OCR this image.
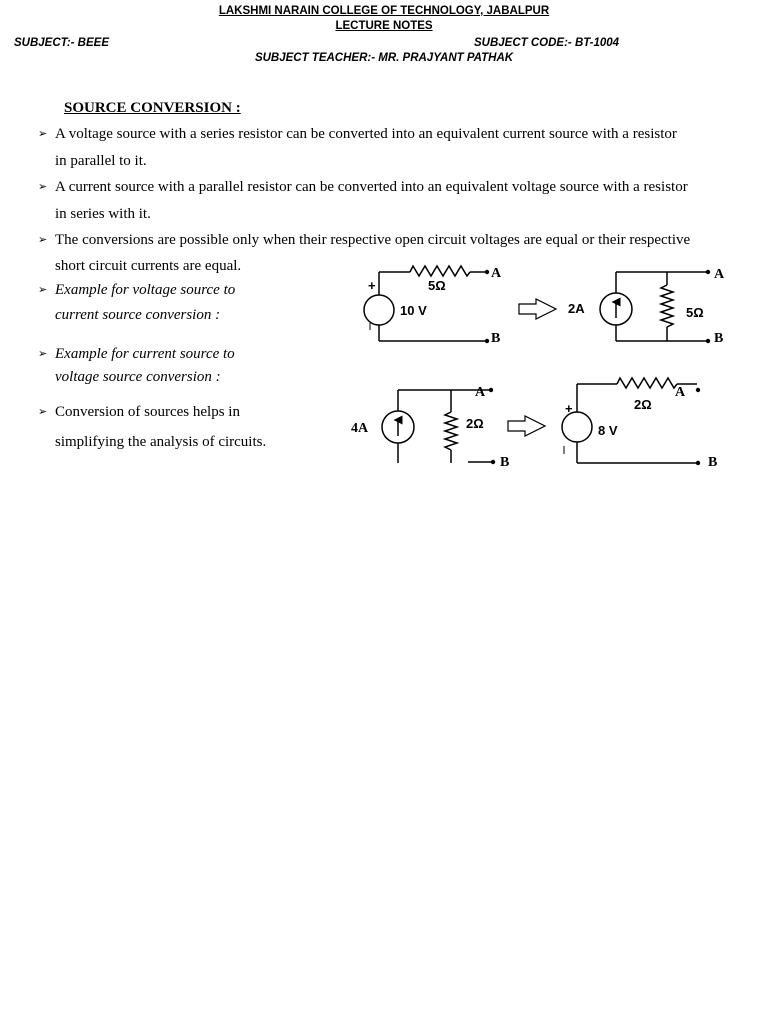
LAKSHMI NARAIN COLLEGE OF TECHNOLOGY, JABALPUR
LECTURE NOTES
SUBJECT:- BEEE	SUBJECT CODE:- BT-1004
SUBJECT TEACHER:- MR. PRAJYANT PATHAK
SOURCE CONVERSION :
➢ A voltage source with a series resistor can be converted into an equivalent current source with a resistor
in parallel to it.
➢ A current source with a parallel resistor can be converted into an equivalent voltage source with a resistor
in series with it.
➢ The conversions are possible only when their respective open circuit voltages are equal or their respective
short circuit currents are equal.
➢ Example for voltage source to
current source conversion :
➢ Example for current source to
voltage source conversion :
➢ Conversion of sources helps in
simplifying the analysis of circuits.
+	5Ω
10 V
A
B
2A	5Ω
A
B
4A	2Ω
A
B
+	2Ω
8 V
A
B
